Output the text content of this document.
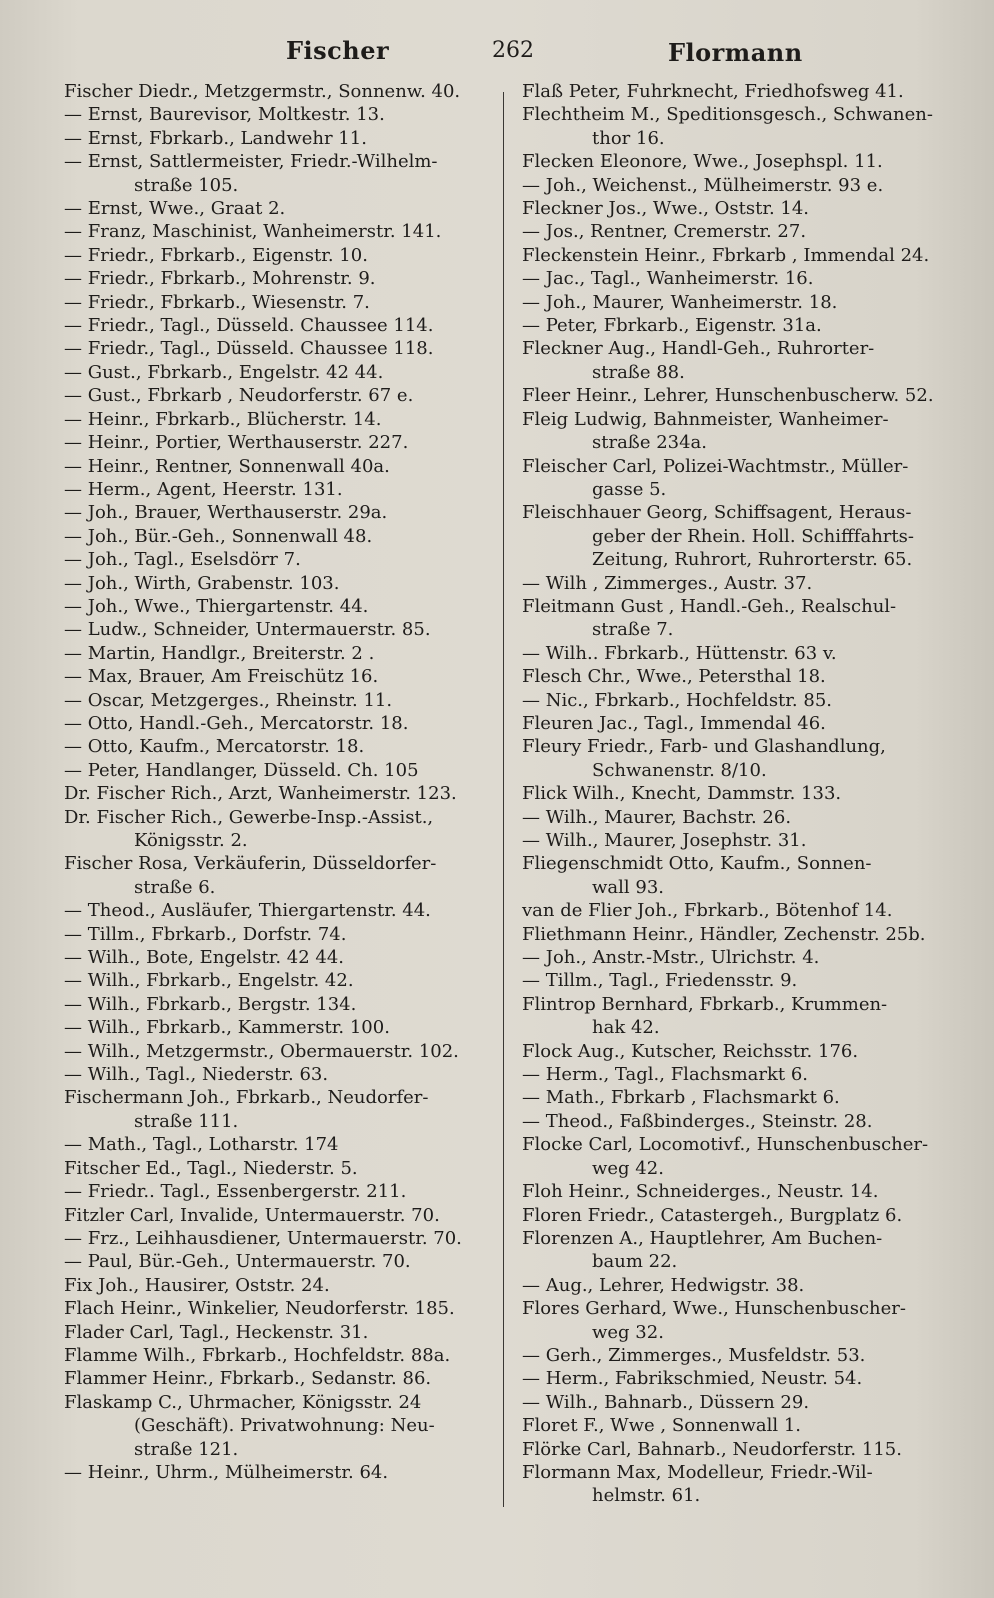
Fischer	262	Flormann
Fischer Diedr., Metzgermstr., Sonnenw. 40.
— Ernst, Baurevisor, Moltkestr. 13.
— Ernst, Fbrkarb., Landwehr 11.
— Ernst, Sattlermeister, Friedr.-Wilhelm-
straße 105.
— Ernst, Wwe., Graat 2.
— Franz, Maschinist, Wanheimerstr. 141.
— Friedr., Fbrkarb., Eigenstr. 10.
— Friedr., Fbrkarb., Mohrenstr. 9.
— Friedr., Fbrkarb., Wiesenstr. 7.
— Friedr., Tagl., Düsseld. Chaussee 114.
— Friedr., Tagl., Düsseld. Chaussee 118.
— Gust., Fbrkarb., Engelstr. 42 44.
— Gust., Fbrkarb , Neudorferstr. 67 e.
— Heinr., Fbrkarb., Blücherstr. 14.
— Heinr., Portier, Werthauserstr. 227.
— Heinr., Rentner, Sonnenwall 40a.
— Herm., Agent, Heerstr. 131.
— Joh., Brauer, Werthauserstr. 29a.
— Joh., Bür.-Geh., Sonnenwall 48.
— Joh., Tagl., Eselsdörr 7.
— Joh., Wirth, Grabenstr. 103.
— Joh., Wwe., Thiergartenstr. 44.
— Ludw., Schneider, Untermauerstr. 85.
— Martin, Handlgr., Breiterstr. 2 .
— Max, Brauer, Am Freischütz 16.
— Oscar, Metzgerges., Rheinstr. 11.
— Otto, Handl.-Geh., Mercatorstr. 18.
— Otto, Kaufm., Mercatorstr. 18.
— Peter, Handlanger, Düsseld. Ch. 105
Dr. Fischer Rich., Arzt, Wanheimerstr. 123.
Dr. Fischer Rich., Gewerbe-Insp.-Assist.,
Königsstr. 2.
Fischer Rosa, Verkäuferin, Düsseldorfer-
straße 6.
— Theod., Ausläufer, Thiergartenstr. 44.
— Tillm., Fbrkarb., Dorfstr. 74.
— Wilh., Bote, Engelstr. 42 44.
— Wilh., Fbrkarb., Engelstr. 42.
— Wilh., Fbrkarb., Bergstr. 134.
— Wilh., Fbrkarb., Kammerstr. 100.
— Wilh., Metzgermstr., Obermauerstr. 102.
— Wilh., Tagl., Niederstr. 63.
Fischermann Joh., Fbrkarb., Neudorfer-
straße 111.
— Math., Tagl., Lotharstr. 174
Fitscher Ed., Tagl., Niederstr. 5.
— Friedr.. Tagl., Essenbergerstr. 211.
Fitzler Carl, Invalide, Untermauerstr. 70.
— Frz., Leihhausdiener, Untermauerstr. 70.
— Paul, Bür.-Geh., Untermauerstr. 70.
Fix Joh., Hausirer, Oststr. 24.
Flach Heinr., Winkelier, Neudorferstr. 185.
Flader Carl, Tagl., Heckenstr. 31.
Flamme Wilh., Fbrkarb., Hochfeldstr. 88a.
Flammer Heinr., Fbrkarb., Sedanstr. 86.
Flaskamp C., Uhrmacher, Königsstr. 24
(Geschäft). Privatwohnung: Neu-
straße 121.
— Heinr., Uhrm., Mülheimerstr. 64.
Flaß Peter, Fuhrknecht, Friedhofsweg 41.
Flechtheim M., Speditionsgesch., Schwanen-
thor 16.
Flecken Eleonore, Wwe., Josephspl. 11.
— Joh., Weichenst., Mülheimerstr. 93 e.
Fleckner Jos., Wwe., Oststr. 14.
— Jos., Rentner, Cremerstr. 27.
Fleckenstein Heinr., Fbrkarb , Immendal 24.
— Jac., Tagl., Wanheimerstr. 16.
— Joh., Maurer, Wanheimerstr. 18.
— Peter, Fbrkarb., Eigenstr. 31a.
Fleckner Aug., Handl-Geh., Ruhrorter-
straße 88.
Fleer Heinr., Lehrer, Hunschenbuscherw. 52.
Fleig Ludwig, Bahnmeister, Wanheimer-
straße 234a.
Fleischer Carl, Polizei-Wachtmstr., Müller-
gasse 5.
Fleischhauer Georg, Schiffsagent, Heraus-
geber der Rhein. Holl. Schifffahrts-
Zeitung, Ruhrort, Ruhrorterstr. 65.
— Wilh , Zimmerges., Austr. 37.
Fleitmann Gust , Handl.-Geh., Realschul-
straße 7.
— Wilh.. Fbrkarb., Hüttenstr. 63 v.
Flesch Chr., Wwe., Petersthal 18.
— Nic., Fbrkarb., Hochfeldstr. 85.
Fleuren Jac., Tagl., Immendal 46.
Fleury Friedr., Farb- und Glashandlung,
Schwanenstr. 8/10.
Flick Wilh., Knecht, Dammstr. 133.
— Wilh., Maurer, Bachstr. 26.
— Wilh., Maurer, Josephstr. 31.
Fliegenschmidt Otto, Kaufm., Sonnen-
wall 93.
van de Flier Joh., Fbrkarb., Bötenhof 14.
Fliethmann Heinr., Händler, Zechenstr. 25b.
— Joh., Anstr.-Mstr., Ulrichstr. 4.
— Tillm., Tagl., Friedensstr. 9.
Flintrop Bernhard, Fbrkarb., Krummen-
hak 42.
Flock Aug., Kutscher, Reichsstr. 176.
— Herm., Tagl., Flachsmarkt 6.
— Math., Fbrkarb , Flachsmarkt 6.
— Theod., Faßbinderges., Steinstr. 28.
Flocke Carl, Locomotivf., Hunschenbuscher-
weg 42.
Floh Heinr., Schneiderges., Neustr. 14.
Floren Friedr., Catastergeh., Burgplatz 6.
Florenzen A., Hauptlehrer, Am Buchen-
baum 22.
— Aug., Lehrer, Hedwigstr. 38.
Flores Gerhard, Wwe., Hunschenbuscher-
weg 32.
— Gerh., Zimmerges., Musfeldstr. 53.
— Herm., Fabrikschmied, Neustr. 54.
— Wilh., Bahnarb., Düssern 29.
Floret F., Wwe , Sonnenwall 1.
Flörke Carl, Bahnarb., Neudorferstr. 115.
Flormann Max, Modelleur, Friedr.-Wil-
helmstr. 61.
